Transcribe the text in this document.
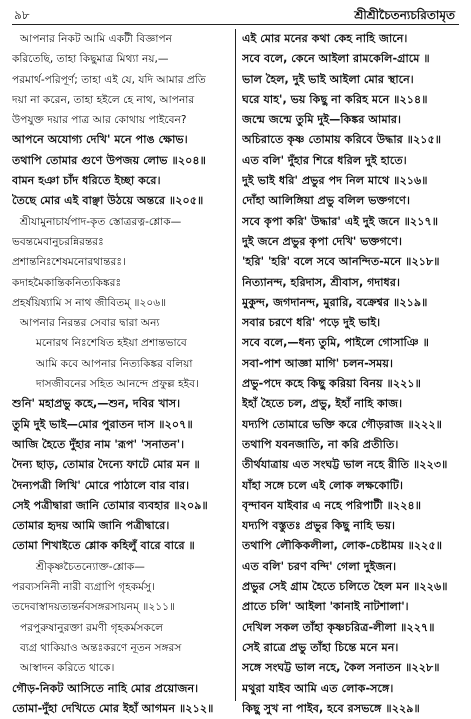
৯৮	শ্রীশ্রীচৈতন্যচরিতামৃত
আপনার নিকট আমি একটী বিজ্ঞাপন
করিতেছি, তাহা কিছুমাত্র মিথ্যা নয়,—
পরমার্থ-পরিপূর্ণ; তাহা এই যে, যদি আমার প্রতি
দয়া না করেন, তাহা হইলে হে নাথ, আপনার
উপযুক্ত দয়ার পাত্র আর কোথায় পাইবেন?
আপনে অযোগ্য দেখি' মনে পাঙ ক্ষোভ।
তথাপি তোমার গুণে উপজয় লোভ ॥২০৪॥
বামন হঞা চাঁদ ধরিতে ইচ্ছা করে।
তৈছে মোর এই বাঞ্ছা উঠয়ে অন্তরে ॥২০৫॥
শ্রীযামুনাচার্যপাদ-কৃত স্তোত্ররত্ন-শ্লোক—
ভবন্তমেবানুচরন্নিরন্তরঃ
প্রশান্তনিঃশেষমনোরথান্তরঃ।
কদাহমৈকান্তিকনিত্যকিঙ্করঃ
প্রহর্ষয়িষ্যামি স নাথ জীবিতম্ ॥২০৬॥
আপনার নিরন্তর সেবার দ্বারা অন্য
মনোরথ নিঃশেষিত হইয়া প্রশান্তভাবে
আমি কবে আপনার নিত্যকিঙ্কর বলিয়া
দাসজীবনের সহিত আনন্দে প্রফুল্ল হইব।
শুনি' মহাপ্রভু কহে,—শুন, দবির খাস।
তুমি দুই ভাই—মোর পুরাতন দাস ॥২০৭॥
আজি হৈতে দুঁহার নাম 'রূপ' 'সনাতন'।
দৈন্য ছাড়, তোমার দৈন্যে ফাটে মোর মন ॥
দৈন্যপত্রী লিখি' মোরে পাঠালে বার বার।
সেই পত্রীদ্বারা জানি তোমার ব্যবহার ॥২০৯॥
তোমার হৃদয় আমি জানি পত্রীদ্বারে।
তোমা শিখাইতে শ্লোক কহিলুঁ বারে বারে ॥
শ্রীকৃষ্ণচৈতন্যোক্ত-শ্লোক—
পরব্যসনিনী নারী ব্যগ্রাপি গৃহকর্মসু।
তদেবাস্বাদয়ত্যন্তর্নবসঙ্গরসায়নম্ ॥২১১॥
পরপুরুষানুরক্তা রমণী গৃহকর্মসকলে
ব্যগ্র থাকিয়াও অন্তঃকরণে নূতন সঙ্গরস
আস্বাদন করিতে থাকে।
গৌড়-নিকট আসিতে নাহি মোর প্রয়োজন।
তোমা-দুঁহা দেখিতে মোর ইহাঁ আগমন ॥২১২॥
এই মোর মনের কথা কেহ নাহি জানে।
সবে বলে, কেনে আইলা রামকেলি-গ্রামে ॥
ভাল হৈল, দুই ভাই আইলা মোর স্থানে।
ঘরে যাহ', ভয় কিছু না করিহ মনে ॥২১৪॥
জন্মে জন্মে তুমি দুই—কিঙ্কর আমার।
অচিরাতে কৃষ্ণ তোমায় করিবে উদ্ধার ॥২১৫॥
এত বলি' দুঁহার শিরে ধরিল দুই হাতে।
দুই ভাই ধরি' প্রভুর পদ নিল মাথে ॥২১৬॥
দোঁহা আলিঙ্গিয়া প্রভু বলিল ভক্তগণে।
সবে কৃপা করি' উদ্ধার' এই দুই জনে ॥২১৭॥
দুই জনে প্রভুর কৃপা দেখি' ভক্তগণে।
'হরি' 'হরি' বলে সবে আনন্দিত-মনে ॥২১৮॥
নিত্যানন্দ, হরিদাস, শ্রীবাস, গদাধর।
মুকুন্দ, জগদানন্দ, মুরারি, বক্রেশ্বর ॥২১৯॥
সবার চরণে ধরি' পড়ে দুই ভাই।
সবে বলে,—ধন্য তুমি, পাইলে গোসাঞি ॥
সবা-পাশ আজ্ঞা মাগি' চলন-সময়।
প্রভু-পদে কহে কিছু করিয়া বিনয় ॥২২১॥
ইহাঁ হৈতে চল, প্রভু, ইহাঁ নাহি কাজ।
যদ্যপি তোমারে ভক্তি করে গৌড়রাজ ॥২২২॥
তথাপি যবনজাতি, না করি প্রতীতি।
তীর্থযাত্রায় এত সংঘট্ট ভাল নহে রীতি ॥২২৩॥
যাঁহা সঙ্গে চলে এই লোক লক্ষকোটি।
বৃন্দাবন যাইবার এ নহে পরিপাটী ॥২২৪॥
যদ্যপি বস্তুতঃ প্রভুর কিছু নাহি ভয়।
তথাপি লৌকিকলীলা, লোক-চেষ্টাময় ॥২২৫॥
এত বলি' চরণ বন্দি' গেলা দুইজন।
প্রভুর সেই গ্রাম হৈতে চলিতে হৈল মন ॥২২৬॥
প্রাতে চলি' আইলা 'কানাই নাটশালা'।
দেখিল সকল তাঁহা কৃষ্ণচরিত্র-লীলা ॥২২৭॥
সেই রাত্রে প্রভু তাঁহা চিন্তে মনে মন।
সঙ্গে সংঘট্ট ভাল নহে, কৈল সনাতন ॥২২৮॥
মথুরা যাইব আমি এত লোক-সঙ্গে।
কিছু সুখ না পাইব, হবে রসভঙ্গে ॥২২৯॥
